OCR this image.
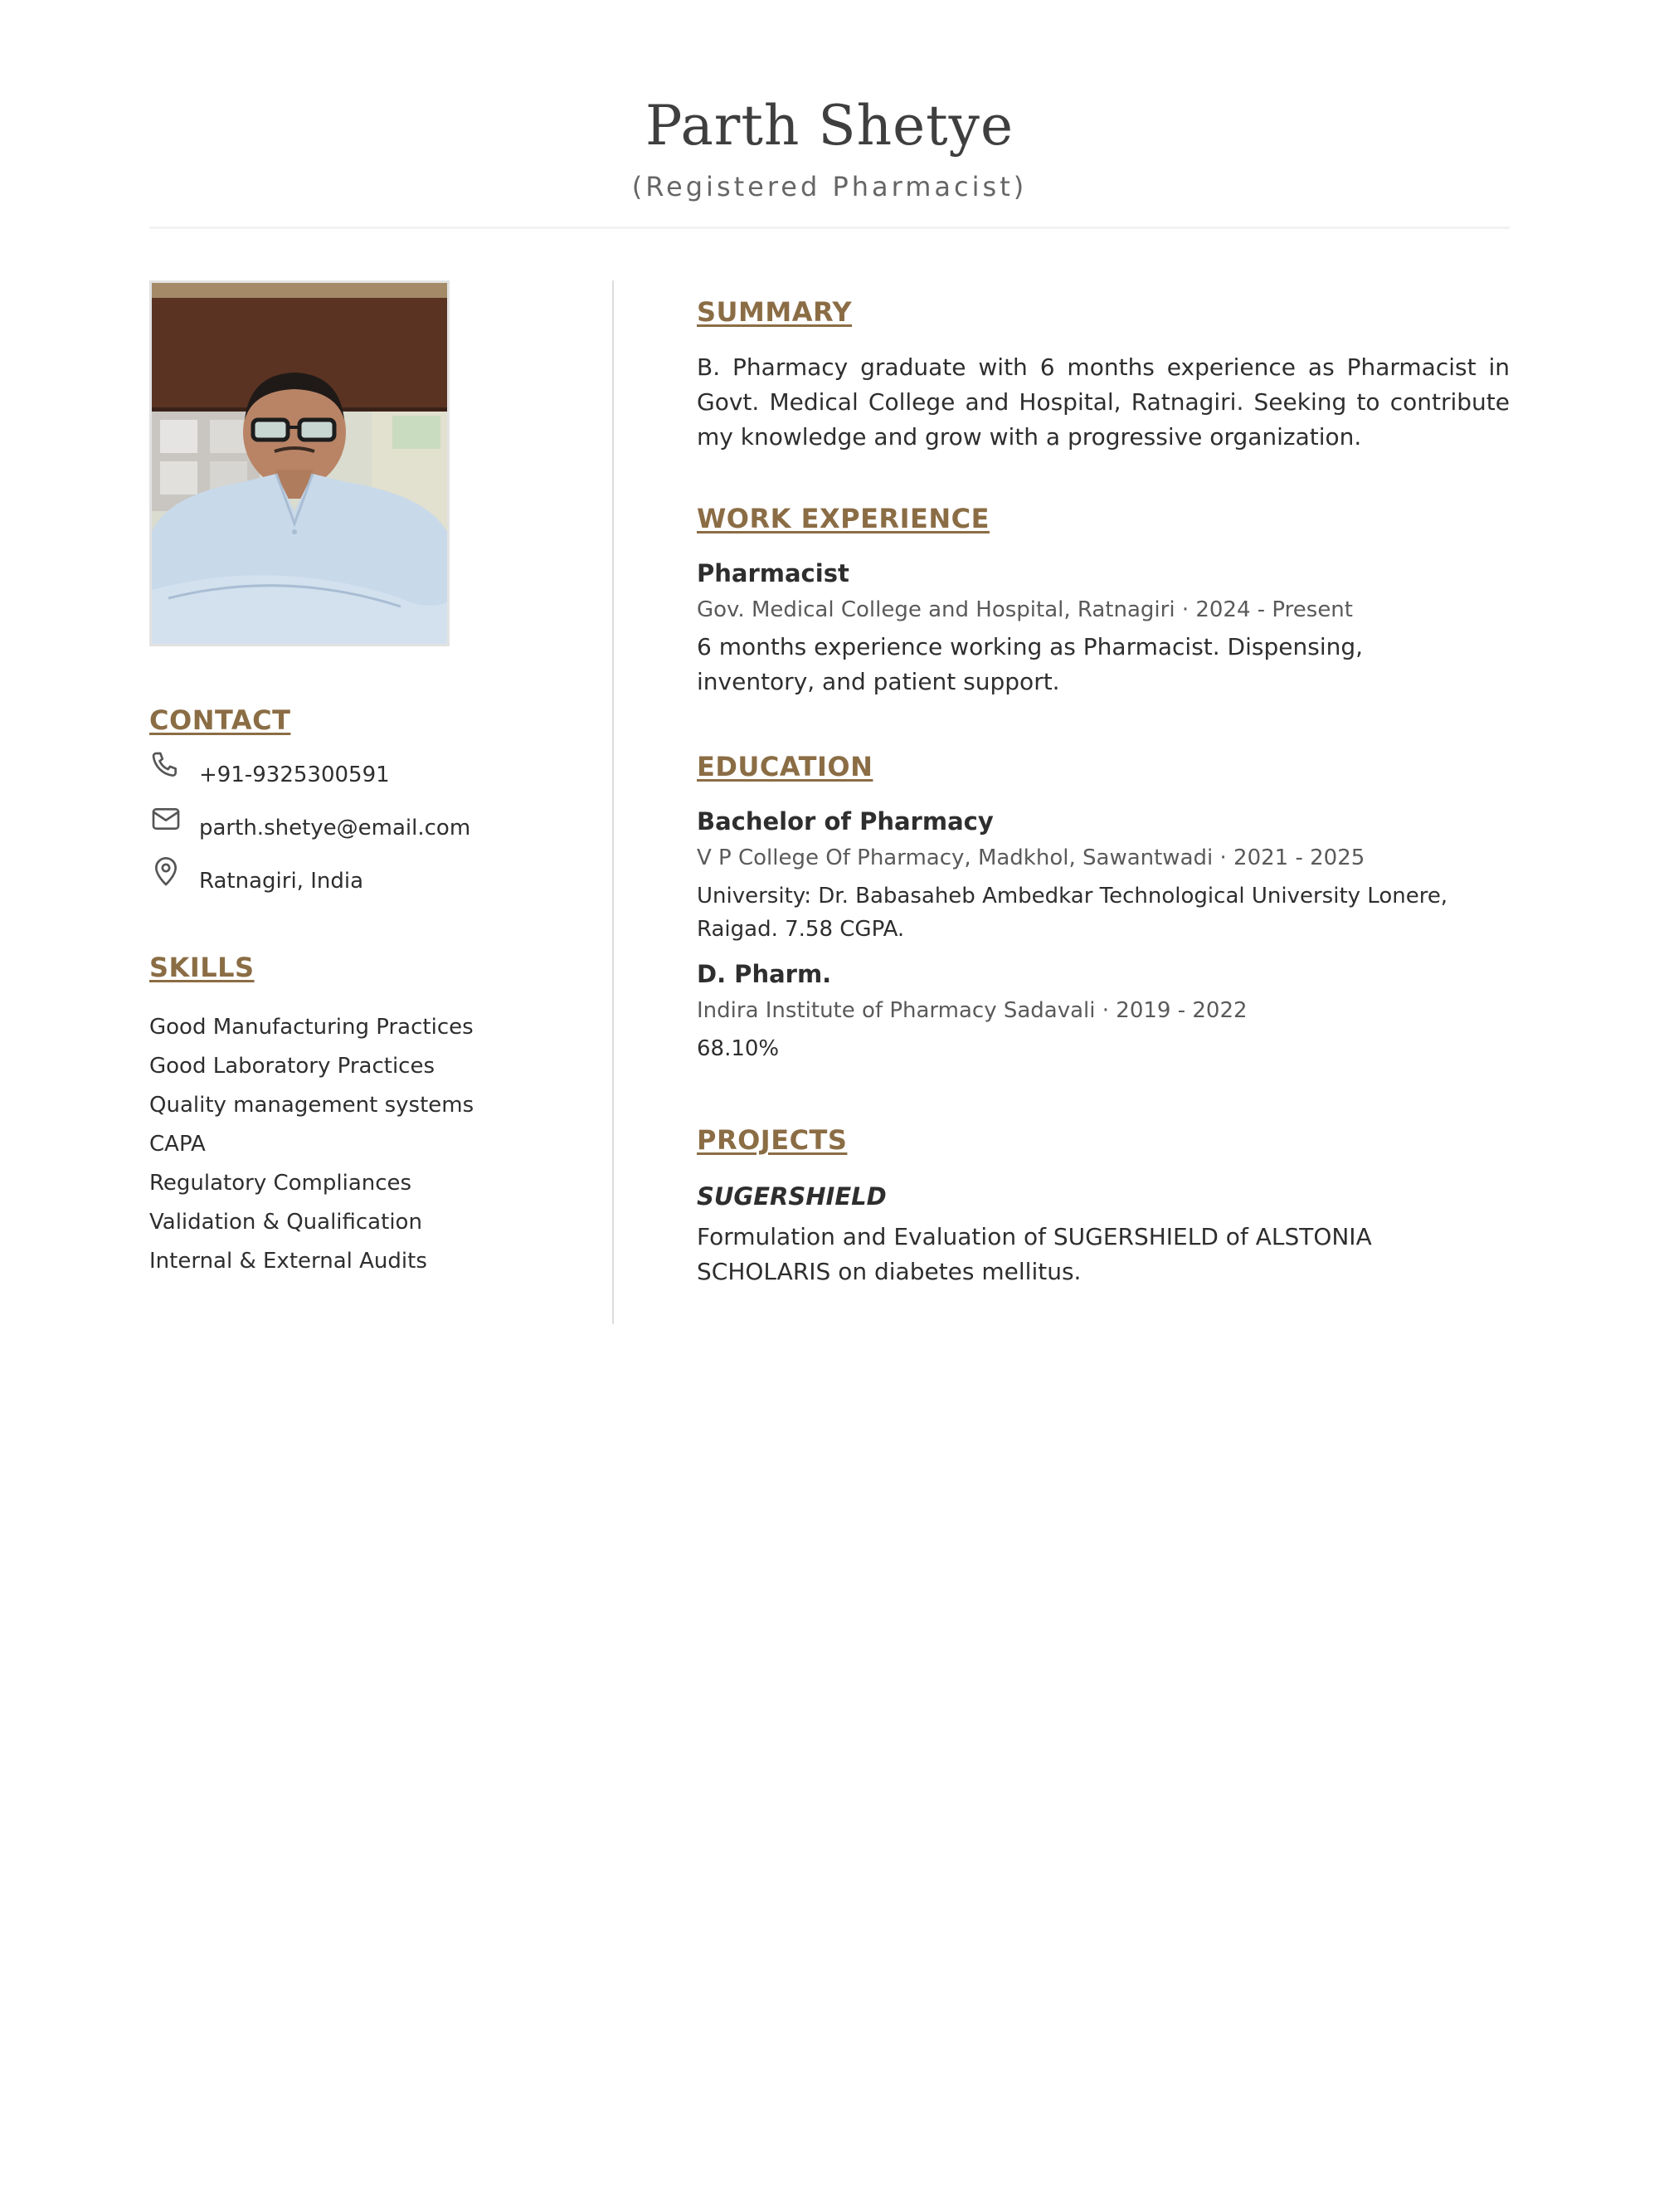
Parth Shetye
(Registered Pharmacist)
CONTACT
+91-9325300591
parth.shetye@email.com
Ratnagiri, India
SKILLS
Good Manufacturing Practices
Good Laboratory Practices
Quality management systems
CAPA
Regulatory Compliances
Validation & Qualification
Internal & External Audits
SUMMARY
B. Pharmacy graduate with 6 months experience as Pharmacist in Govt. Medical College and Hospital, Ratnagiri. Seeking to contribute my knowledge and grow with a progressive organization.
WORK EXPERIENCE
Pharmacist
Gov. Medical College and Hospital, Ratnagiri · 2024 - Present
6 months experience working as Pharmacist. Dispensing, inventory, and patient support.
EDUCATION
Bachelor of Pharmacy
V P College Of Pharmacy, Madkhol, Sawantwadi · 2021 - 2025
University: Dr. Babasaheb Ambedkar Technological University Lonere, Raigad. 7.58 CGPA.
D. Pharm.
Indira Institute of Pharmacy Sadavali · 2019 - 2022
68.10%
PROJECTS
SUGERSHIELD
Formulation and Evaluation of SUGERSHIELD of ALSTONIA SCHOLARIS on diabetes mellitus.
